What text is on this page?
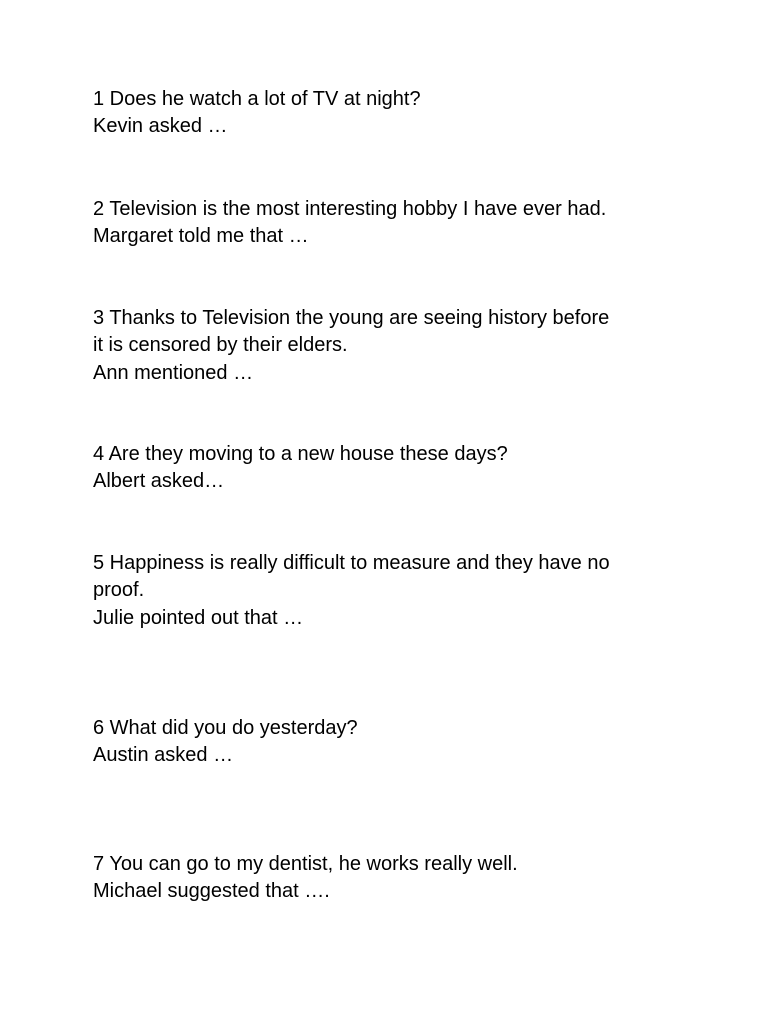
1 Does he watch a lot of TV at night?
Kevin asked …
2 Television is the most interesting hobby I have ever had.
Margaret told me that …
3 Thanks to Television the young are seeing history before
it is censored by their elders.
Ann mentioned …
4 Are they moving to a new house these days?
Albert asked…
5 Happiness is really difficult to measure and they have no
proof.
Julie pointed out that …
6 What did you do yesterday?
Austin asked …
7 You can go to my dentist, he works really well.
Michael suggested that ….
